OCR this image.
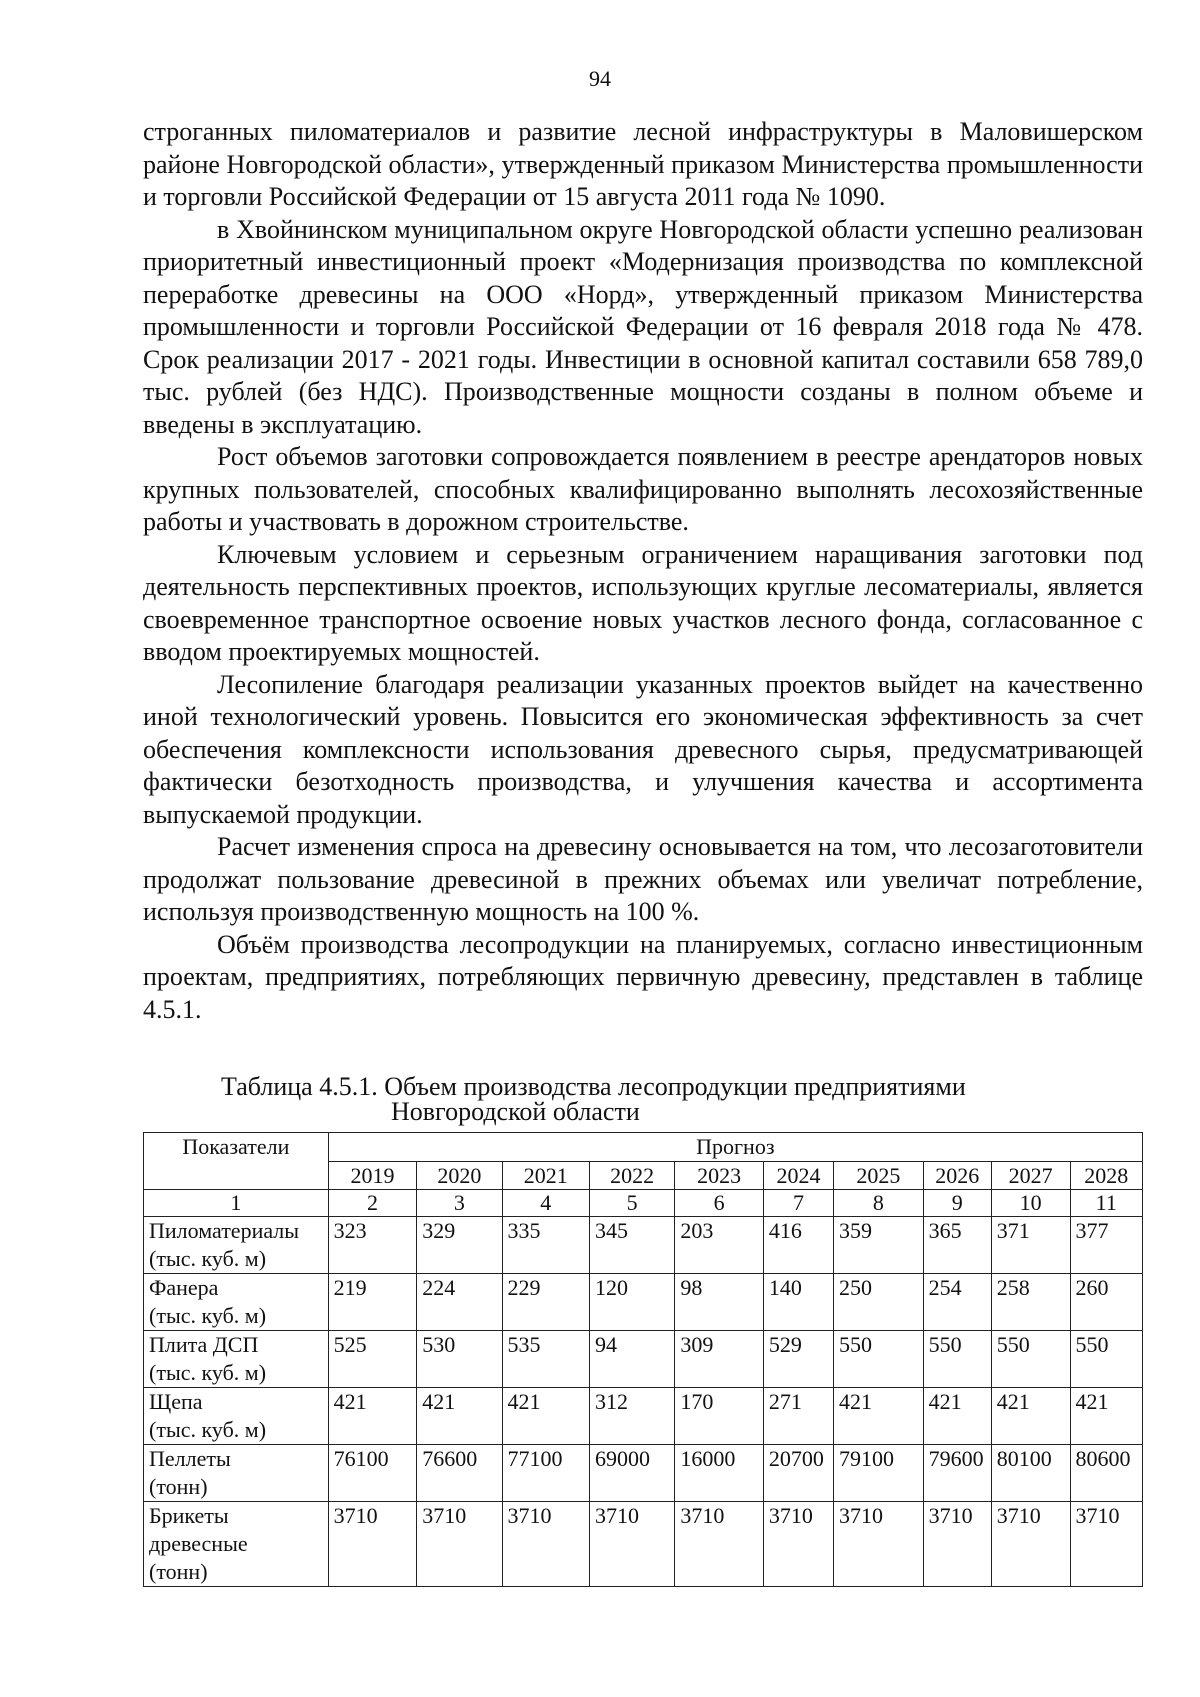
94

строганных пиломатериалов и развитие лесной инфраструктуры в Маловишерском районе Новгородской области», утвержденный приказом Министерства промышленности и торговли Российской Федерации от 15 августа 2011 года № 1090.

в Хвойнинском муниципальном округе Новгородской области успешно реализован приоритетный инвестиционный проект «Модернизация производства по комплексной переработке древесины на ООО «Норд», утвержденный приказом Министерства промышленности и торговли Российской Федерации от 16 февраля 2018 года № 478. Срок реализации 2017 - 2021 годы. Инвестиции в основной капитал составили 658 789,0 тыс. рублей (без НДС). Производственные мощности созданы в полном объеме и введены в эксплуатацию.

Рост объемов заготовки сопровождается появлением в реестре арендаторов новых крупных пользователей, способных квалифицированно выполнять лесохозяйственные работы и участвовать в дорожном строительстве.

Ключевым условием и серьезным ограничением наращивания заготовки под деятельность перспективных проектов, использующих круглые лесоматериалы, является своевременное транспортное освоение новых участков лесного фонда, согласованное с вводом проектируемых мощностей.

Лесопиление благодаря реализации указанных проектов выйдет на качественно иной технологический уровень. Повысится его экономическая эффективность за счет обеспечения комплексности использования древесного сырья, предусматривающей фактически безотходность производства, и улучшения качества и ассортимента выпускаемой продукции.

Расчет изменения спроса на древесину основывается на том, что лесозаготовители продолжат пользование древесиной в прежних объемах или увеличат потребление, используя производственную мощность на 100 %.

Объём производства лесопродукции на планируемых, согласно инвестиционным проектам, предприятиях, потребляющих первичную древесину, представлен в таблице 4.5.1.

Таблица 4.5.1. Объем производства лесопродукции предприятиями
Новгородской области
Показатели	Прогноз									
	2019	2020	2021	2022	2023	2024	2025	2026	2027	2028
1	2	3	4	5	6	7	8	9	10	11

Пиломатериалы
(тыс. куб. м)	323	329	335	345	203	416	359	365	371	377

Фанера
(тыс. куб. м)	219	224	229	120	98	140	250	254	258	260

Плита ДСП
(тыс. куб. м)	525	530	535	94	309	529	550	550	550	550

Щепа
(тыс. куб. м)	421	421	421	312	170	271	421	421	421	421

Пеллеты
(тонн)	76100	76600	77100	69000	16000	20700	79100	79600	80100	80600

Брикеты
древесные
(тонн)	3710	3710	3710	3710	3710	3710	3710	3710	3710	3710
